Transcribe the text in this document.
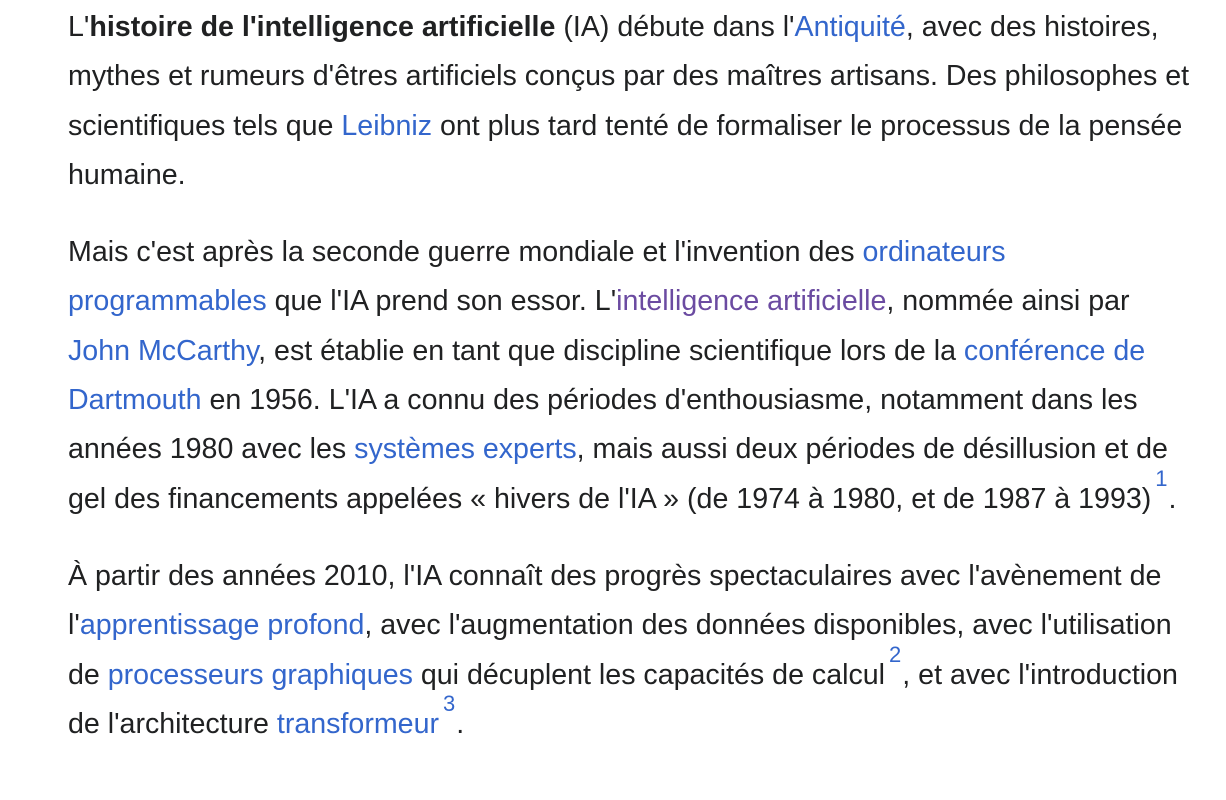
L'histoire de l'intelligence artificielle (IA) débute dans l'Antiquité, avec des histoires, mythes et rumeurs d'êtres artificiels conçus par des maîtres artisans. Des philosophes et scientifiques tels que Leibniz ont plus tard tenté de formaliser le processus de la pensée humaine.

Mais c'est après la seconde guerre mondiale et l'invention des ordinateurs programmables que l'IA prend son essor. L'intelligence artificielle, nommée ainsi par John McCarthy, est établie en tant que discipline scientifique lors de la conférence de Dartmouth en 1956. L'IA a connu des périodes d'enthousiasme, notamment dans les années 1980 avec les systèmes experts, mais aussi deux périodes de désillusion et de gel des financements appelées « hivers de l'IA » (de 1974 à 1980, et de 1987 à 1993)$^1$.

À partir des années 2010, l'IA connaît des progrès spectaculaires avec l'avènement de l'apprentissage profond, avec l'augmentation des données disponibles, avec l'utilisation de processeurs graphiques qui décuplent les capacités de calcul$^2$, et avec l'introduction de l'architecture transformeur$^3$.
